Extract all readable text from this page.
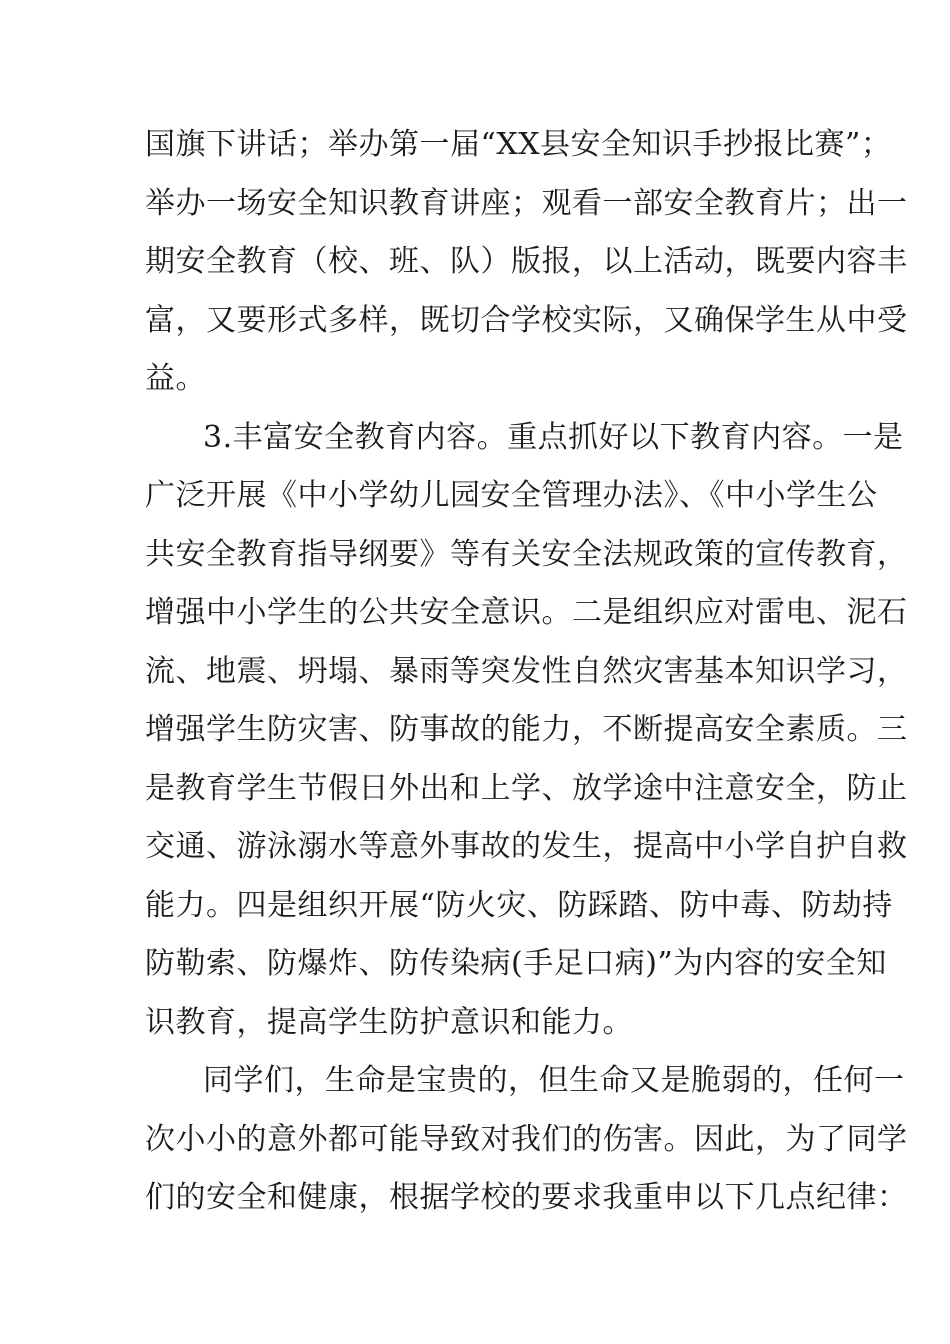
国旗下讲话；举办第一届“XX县安全知识手抄报比赛”；
举办一场安全知识教育讲座；观看一部安全教育片；出一
期安全教育（校、班、队）版报，以上活动，既要内容丰
富，又要形式多样，既切合学校实际，又确保学生从中受
益。
3.丰富安全教育内容。重点抓好以下教育内容。一是
广泛开展《中小学幼儿园安全管理办法》、《中小学生公
共安全教育指导纲要》等有关安全法规政策的宣传教育，
增强中小学生的公共安全意识。二是组织应对雷电、泥石
流、地震、坍塌、暴雨等突发性自然灾害基本知识学习，
增强学生防灾害、防事故的能力，不断提高安全素质。三
是教育学生节假日外出和上学、放学途中注意安全，防止
交通、游泳溺水等意外事故的发生，提高中小学自护自救
能力。四是组织开展“防火灾、防踩踏、防中毒、防劫持
防勒索、防爆炸、防传染病(手足口病)”为内容的安全知
识教育，提高学生防护意识和能力。
同学们，生命是宝贵的，但生命又是脆弱的，任何一
次小小的意外都可能导致对我们的伤害。因此，为了同学
们的安全和健康，根据学校的要求我重申以下几点纪律：
